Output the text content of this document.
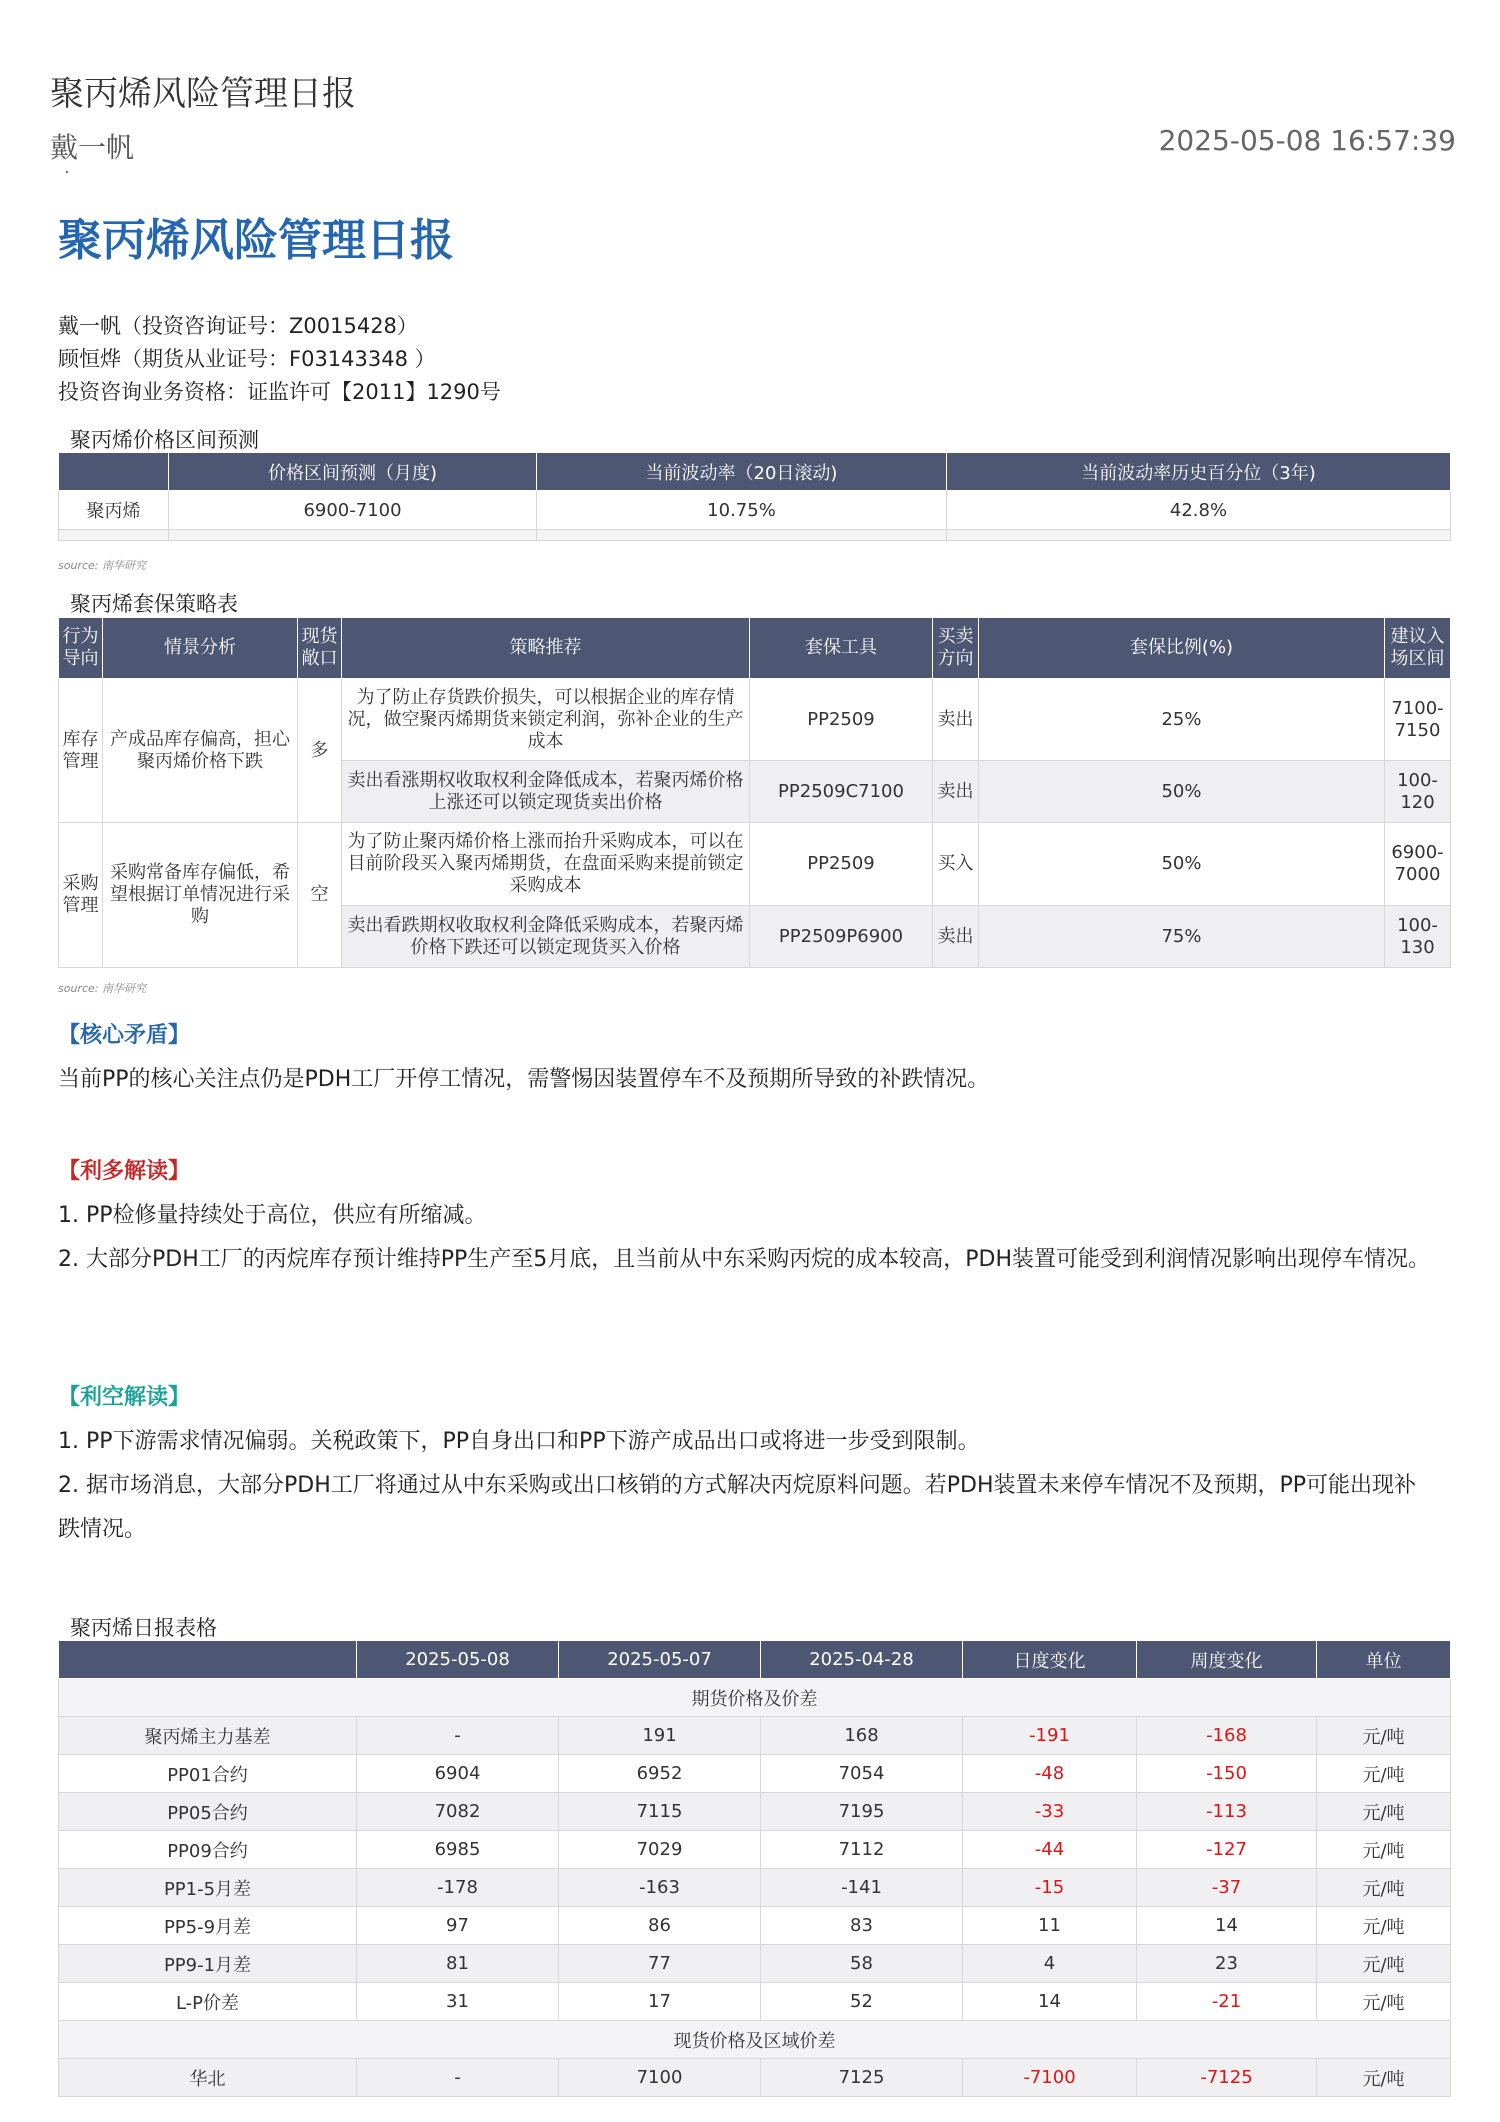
聚丙烯风险管理日报
戴一帆	2025-05-08 16:57:39
·
聚丙烯风险管理日报
戴一帆（投资咨询证号：Z0015428）
顾恒烨（期货从业证号：F03143348 ）
投资咨询业务资格：证监许可【2011】1290号
聚丙烯价格区间预测
	价格区间预测（月度)	当前波动率（20日滚动)	当前波动率历史百分位（3年)
聚丙烯	6900-7100	10.75%	42.8%

source: 南华研究
聚丙烯套保策略表
行为导向	情景分析	现货敞口	策略推荐	套保工具	买卖方向	套保比例(%)	建议入场区间
库存管理	产成品库存偏高，担心聚丙烯价格下跌	多	为了防止存货跌价损失，可以根据企业的库存情况，做空聚丙烯期货来锁定利润，弥补企业的生产成本	PP2509	卖出	25%	7100-7150
			卖出看涨期权收取权利金降低成本，若聚丙烯价格上涨还可以锁定现货卖出价格	PP2509C7100	卖出	50%	100-120
采购管理	采购常备库存偏低，希望根据订单情况进行采购	空	为了防止聚丙烯价格上涨而抬升采购成本，可以在目前阶段买入聚丙烯期货，在盘面采购来提前锁定采购成本	PP2509	买入	50%	6900-7000
			卖出看跌期权收取权利金降低采购成本，若聚丙烯价格下跌还可以锁定现货买入价格	PP2509P6900	卖出	75%	100-130
source: 南华研究
【核心矛盾】

当前PP的核心关注点仍是PDH工厂开停工情况，需警惕因装置停车不及预期所导致的补跌情况。

【利多解读】

1. PP检修量持续处于高位，供应有所缩减。

2. 大部分PDH工厂的丙烷库存预计维持PP生产至5月底，且当前从中东采购丙烷的成本较高，PDH装置可能受到利润情况影响出现停车情况。

【利空解读】

1. PP下游需求情况偏弱。关税政策下，PP自身出口和PP下游产成品出口或将进一步受到限制。

2. 据市场消息，大部分PDH工厂将通过从中东采购或出口核销的方式解决丙烷原料问题。若PDH装置未来停车情况不及预期，PP可能出现补跌情况。

聚丙烯日报表格
	2025-05-08	2025-05-07	2025-04-28	日度变化	周度变化	单位
期货价格及价差						
聚丙烯主力基差	-	191	168	-191	-168	元/吨
PP01合约	6904	6952	7054	-48	-150	元/吨
PP05合约	7082	7115	7195	-33	-113	元/吨
PP09合约	6985	7029	7112	-44	-127	元/吨
PP1-5月差	-178	-163	-141	-15	-37	元/吨
PP5-9月差	97	86	83	11	14	元/吨
PP9-1月差	81	77	58	4	23	元/吨
L-P价差	31	17	52	14	-21	元/吨
现货价格及区域价差						
华北	-	7100	7125	-7100	-7125	元/吨
